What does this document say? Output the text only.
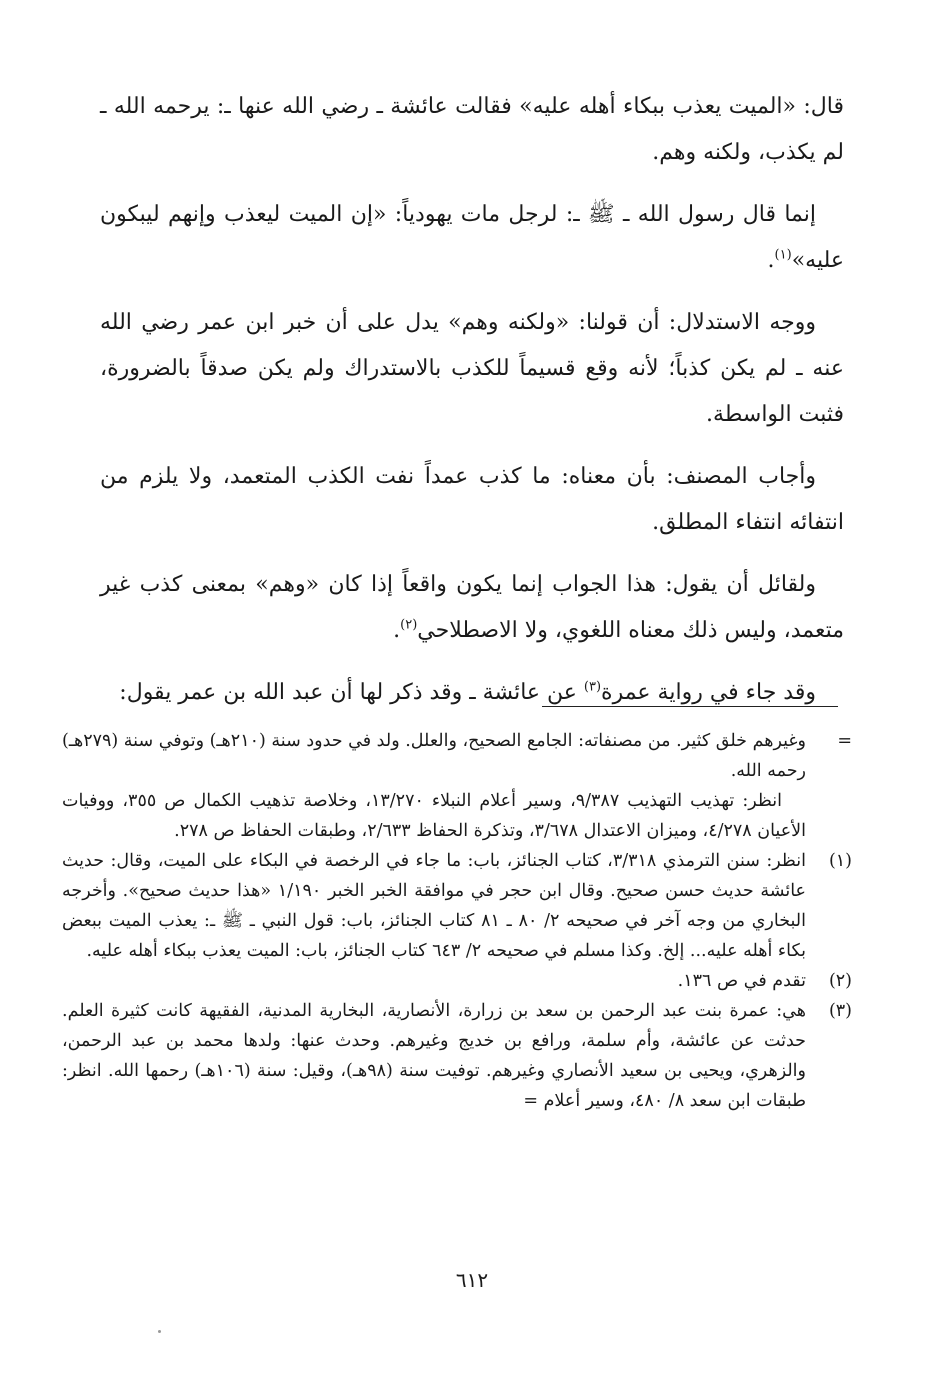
قال: «الميت يعذب ببكاء أهله عليه» فقالت عائشة ـ رضي الله عنها ـ: يرحمه الله ـ لم يكذب، ولكنه وهم.

إنما قال رسول الله ـ ﷺ ـ: لرجل مات يهودياً: «إن الميت ليعذب وإنهم ليبكون عليه»$^{(١)}$.

ووجه الاستدلال: أن قولنا: «ولكنه وهم» يدل على أن خبر ابن عمر رضي الله عنه ـ لم يكن كذباً؛ لأنه وقع قسيماً للكذب بالاستدراك ولم يكن صدقاً بالضرورة، فثبت الواسطة.

وأجاب المصنف: بأن معناه: ما كذب عمداً نفت الكذب المتعمد، ولا يلزم من انتفائه انتفاء المطلق.

ولقائل أن يقول: هذا الجواب إنما يكون واقعاً إذا كان «وهم» بمعنى كذب غير متعمد، وليس ذلك معناه اللغوي، ولا الاصطلاحي$^{(٢)}$.

وقد جاء في رواية عمرة$^{(٣)}$ عن عائشة ـ وقد ذكر لها أن عبد الله بن عمر يقول:

=

وغيرهم خلق كثير. من مصنفاته: الجامع الصحيح، والعلل. ولد في حدود سنة (٢١٠هـ) وتوفي سنة (٢٧٩هـ) رحمه الله.

انظر: تهذيب التهذيب ٩/٣٨٧، وسير أعلام النبلاء ١٣/٢٧٠، وخلاصة تذهيب الكمال ص ٣٥٥، ووفيات الأعيان ٤/٢٧٨، وميزان الاعتدال ٣/٦٧٨، وتذكرة الحفاظ ٢/٦٣٣، وطبقات الحفاظ ص ٢٧٨.

(١)

انظر: سنن الترمذي ٣/٣١٨، كتاب الجنائز، باب: ما جاء في الرخصة في البكاء على الميت، وقال: حديث عائشة حديث حسن صحيح. وقال ابن حجر في موافقة الخبر الخبر ١/١٩٠ «هذا حديث صحيح». وأخرجه البخاري من وجه آخر في صحيحه ٢/ ٨٠ ـ ٨١ كتاب الجنائز، باب: قول النبي ـ ﷺ ـ: يعذب الميت ببعض بكاء أهله عليه... إلخ. وكذا مسلم في صحيحه ٢/ ٦٤٣ كتاب الجنائز، باب: الميت يعذب ببكاء أهله عليه.

(٢)

تقدم في ص ١٣٦.

(٣)

هي: عمرة بنت عبد الرحمن بن سعد بن زرارة، الأنصارية، البخارية المدنية، الفقيهة كانت كثيرة العلم. حدثت عن عائشة، وأم سلمة، ورافع بن خديج وغيرهم. وحدث عنها: ولدها محمد بن عبد الرحمن، والزهري، ويحيى بن سعيد الأنصاري وغيرهم. توفيت سنة (٩٨هـ)، وقيل: سنة (١٠٦هـ) رحمها الله. انظر: طبقات ابن سعد ٨/ ٤٨٠، وسير أعلام =

٦١٢
